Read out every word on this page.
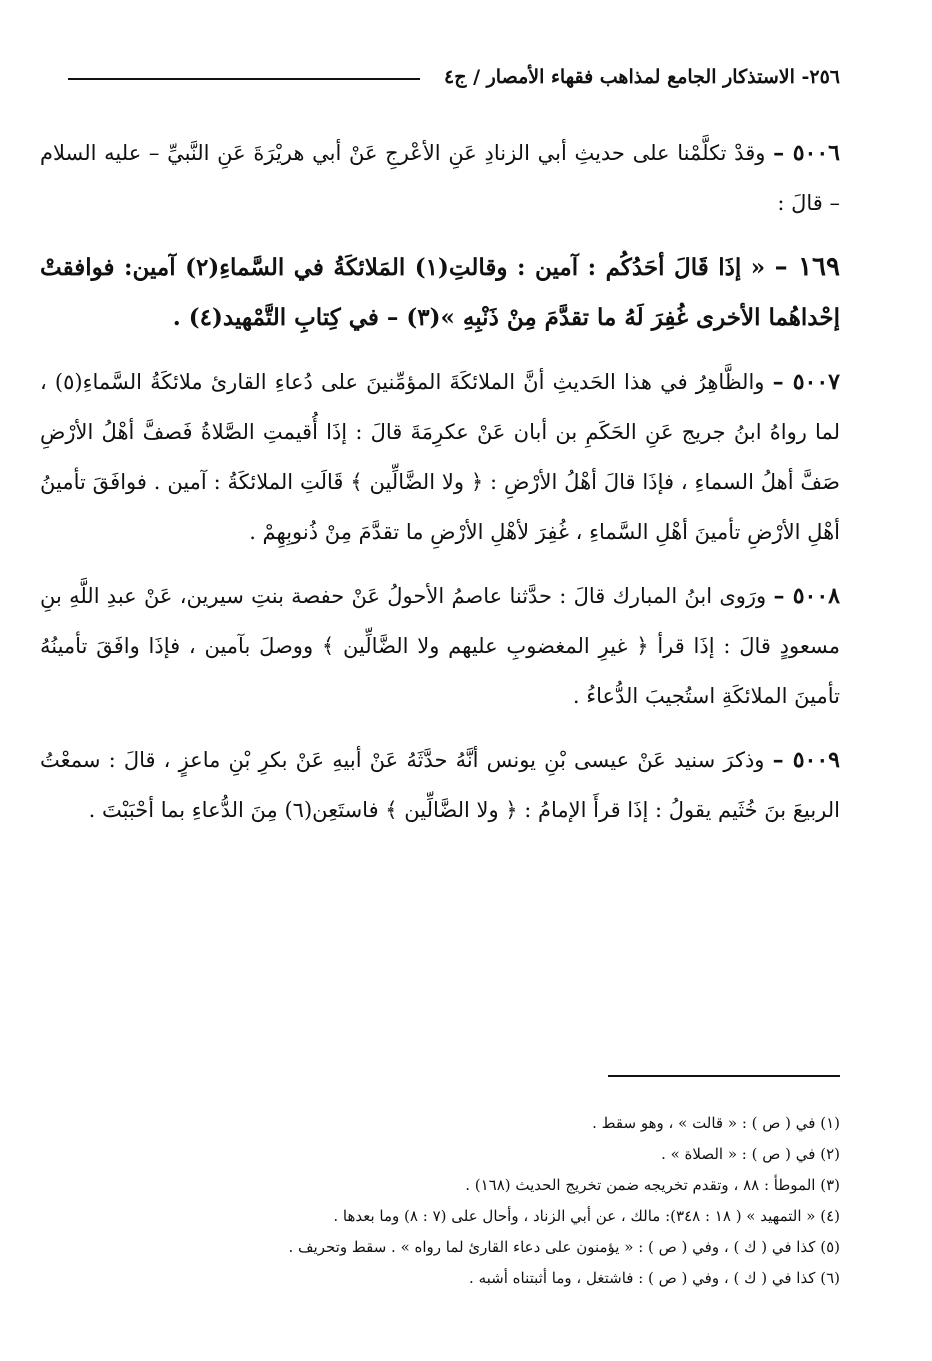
٢٥٦- الاستذكار الجامع لمذاهب فقهاء الأمصار / ج٤

٥٠٠٦ – وقدْ تكلَّمْنا على حديثِ أبي الزنادِ عَنِ الأعْرجِ عَنْ أبي هريْرَةَ عَنِ النَّبيِّ – عليه السلام – قالَ :

١٦٩ – « إذَا قَالَ أحَدُكُم : آمين : وقالتِ(١) المَلائكَةُ في السَّماءِ(٢) آمين: فوافقتْ إحْداهُما الأخرى غُفِرَ لَهُ ما تقدَّمَ مِنْ ذَنْبِهِ »(٣) – في كِتابِ التَّمْهيد(٤) .

٥٠٠٧ – والظَّاهِرُ في هذا الحَديثِ أنَّ الملائكَةَ المؤمِّنينَ على دُعاءِ القارئ ملائكَةُ السَّماءِ(٥) ، لما رواهُ ابنُ جريج عَنِ الحَكَمِ بن أبان عَنْ عكرِمَةَ قالَ : إذَا أُقيمتِ الصَّلاةُ فَصفَّ أهْلُ الأرْضِ صَفَّ أهلُ السماءِ ، فإذَا قالَ أهْلُ الأرْضِ : ﴿ ولا الضَّالِّين ﴾ قَالَتِ الملائكَةُ : آمين . فوافَقَ تأمينُ أهْلِ الأرْضِ تأمينَ أهْلِ السَّماءِ ، غُفِرَ لأهْلِ الأرْضِ ما تقدَّمَ مِنْ ذُنوبِهِمْ .

٥٠٠٨ – ورَوى ابنُ المبارك قالَ : حدَّثنا عاصمُ الأحولُ عَنْ حفصة بنتِ سيرين، عَنْ عبدِ اللَّهِ بنِ مسعودٍ قالَ : إذَا قرأ ﴿ غيرِ المغضوبِ عليهم ولا الضَّالِّين ﴾ ووصلَ بآمين ، فإذَا وافَقَ تأمينُهُ تأمينَ الملائكَةِ استُجيبَ الدُّعاءُ .

٥٠٠٩ – وذكرَ سنيد عَنْ عيسى بْنِ يونس أنَّهُ حدَّثَهُ عَنْ أبيهِ عَنْ بكرِ بْنِ ماعزٍ ، قالَ : سمعْتُ الربيعَ بنَ خُثَيم يقولُ : إذَا قرأَ الإمامُ : ﴿ ولا الضَّالِّين ﴾ فاستَعِن(٦) مِنَ الدُّعاءِ بما أحْبَبْتَ .

(١) في ( ص ) : « قالت » ، وهو سقط .
(٢) في ( ص ) : « الصلاة » .
(٣) الموطأ : ٨٨ ، وتقدم تخريجه ضمن تخريج الحديث (١٦٨) .
(٤) « التمهيد » ( ١٨ : ٣٤٨): مالك ، عن أبي الزناد ، وأحال على (٧ : ٨) وما بعدها .
(٥) كذا في ( ك ) ، وفي ( ص ) : « يؤمنون على دعاء القارئ لما رواه » . سقط وتحريف .
(٦) كذا في ( ك ) ، وفي ( ص ) : فاشتغل ، وما أثبتناه أشبه .
